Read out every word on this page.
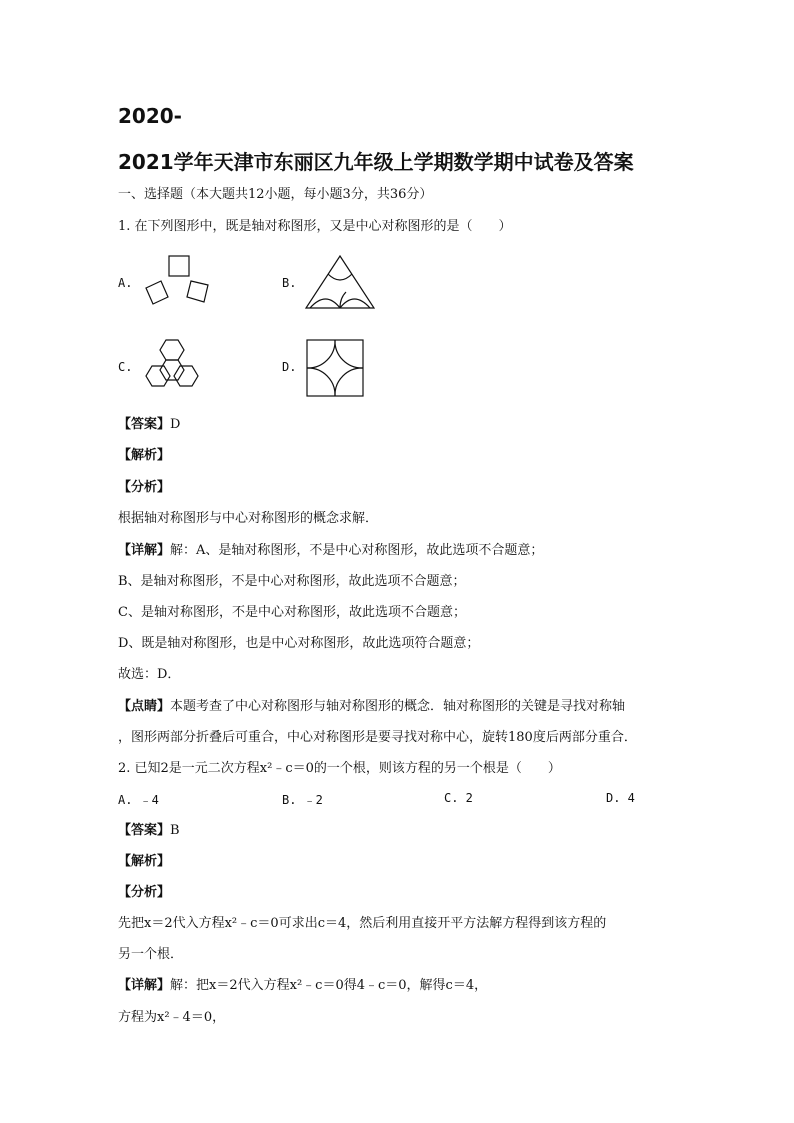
2020-
2021学年天津市东丽区九年级上学期数学期中试卷及答案
一、选择题（本大题共12小题，每小题3分，共36分）
1. 在下列图形中，既是轴对称图形，又是中心对称图形的是（　　）
A.	B.
C.	D.
【答案】D
【解析】
【分析】
根据轴对称图形与中心对称图形的概念求解．
【详解】解：A、是轴对称图形，不是中心对称图形，故此选项不合题意；
B、是轴对称图形，不是中心对称图形，故此选项不合题意；
C、是轴对称图形，不是中心对称图形，故此选项不合题意；
D、既是轴对称图形，也是中心对称图形，故此选项符合题意；
故选：D．
【点睛】本题考查了中心对称图形与轴对称图形的概念．轴对称图形的关键是寻找对称轴
，图形两部分折叠后可重合，中心对称图形是要寻找对称中心，旋转180度后两部分重合．
2. 已知2是一元二次方程x²﹣c＝0的一个根，则该方程的另一个根是（　　）
A. ﹣4	B. ﹣2	C. 2	D. 4
【答案】B
【解析】
【分析】
先把x＝2代入方程x²﹣c＝0可求出c＝4，然后利用直接开平方法解方程得到该方程的
另一个根．
【详解】解：把x＝2代入方程x²﹣c＝0得4﹣c＝0，解得c＝4，
方程为x²﹣4＝0，
